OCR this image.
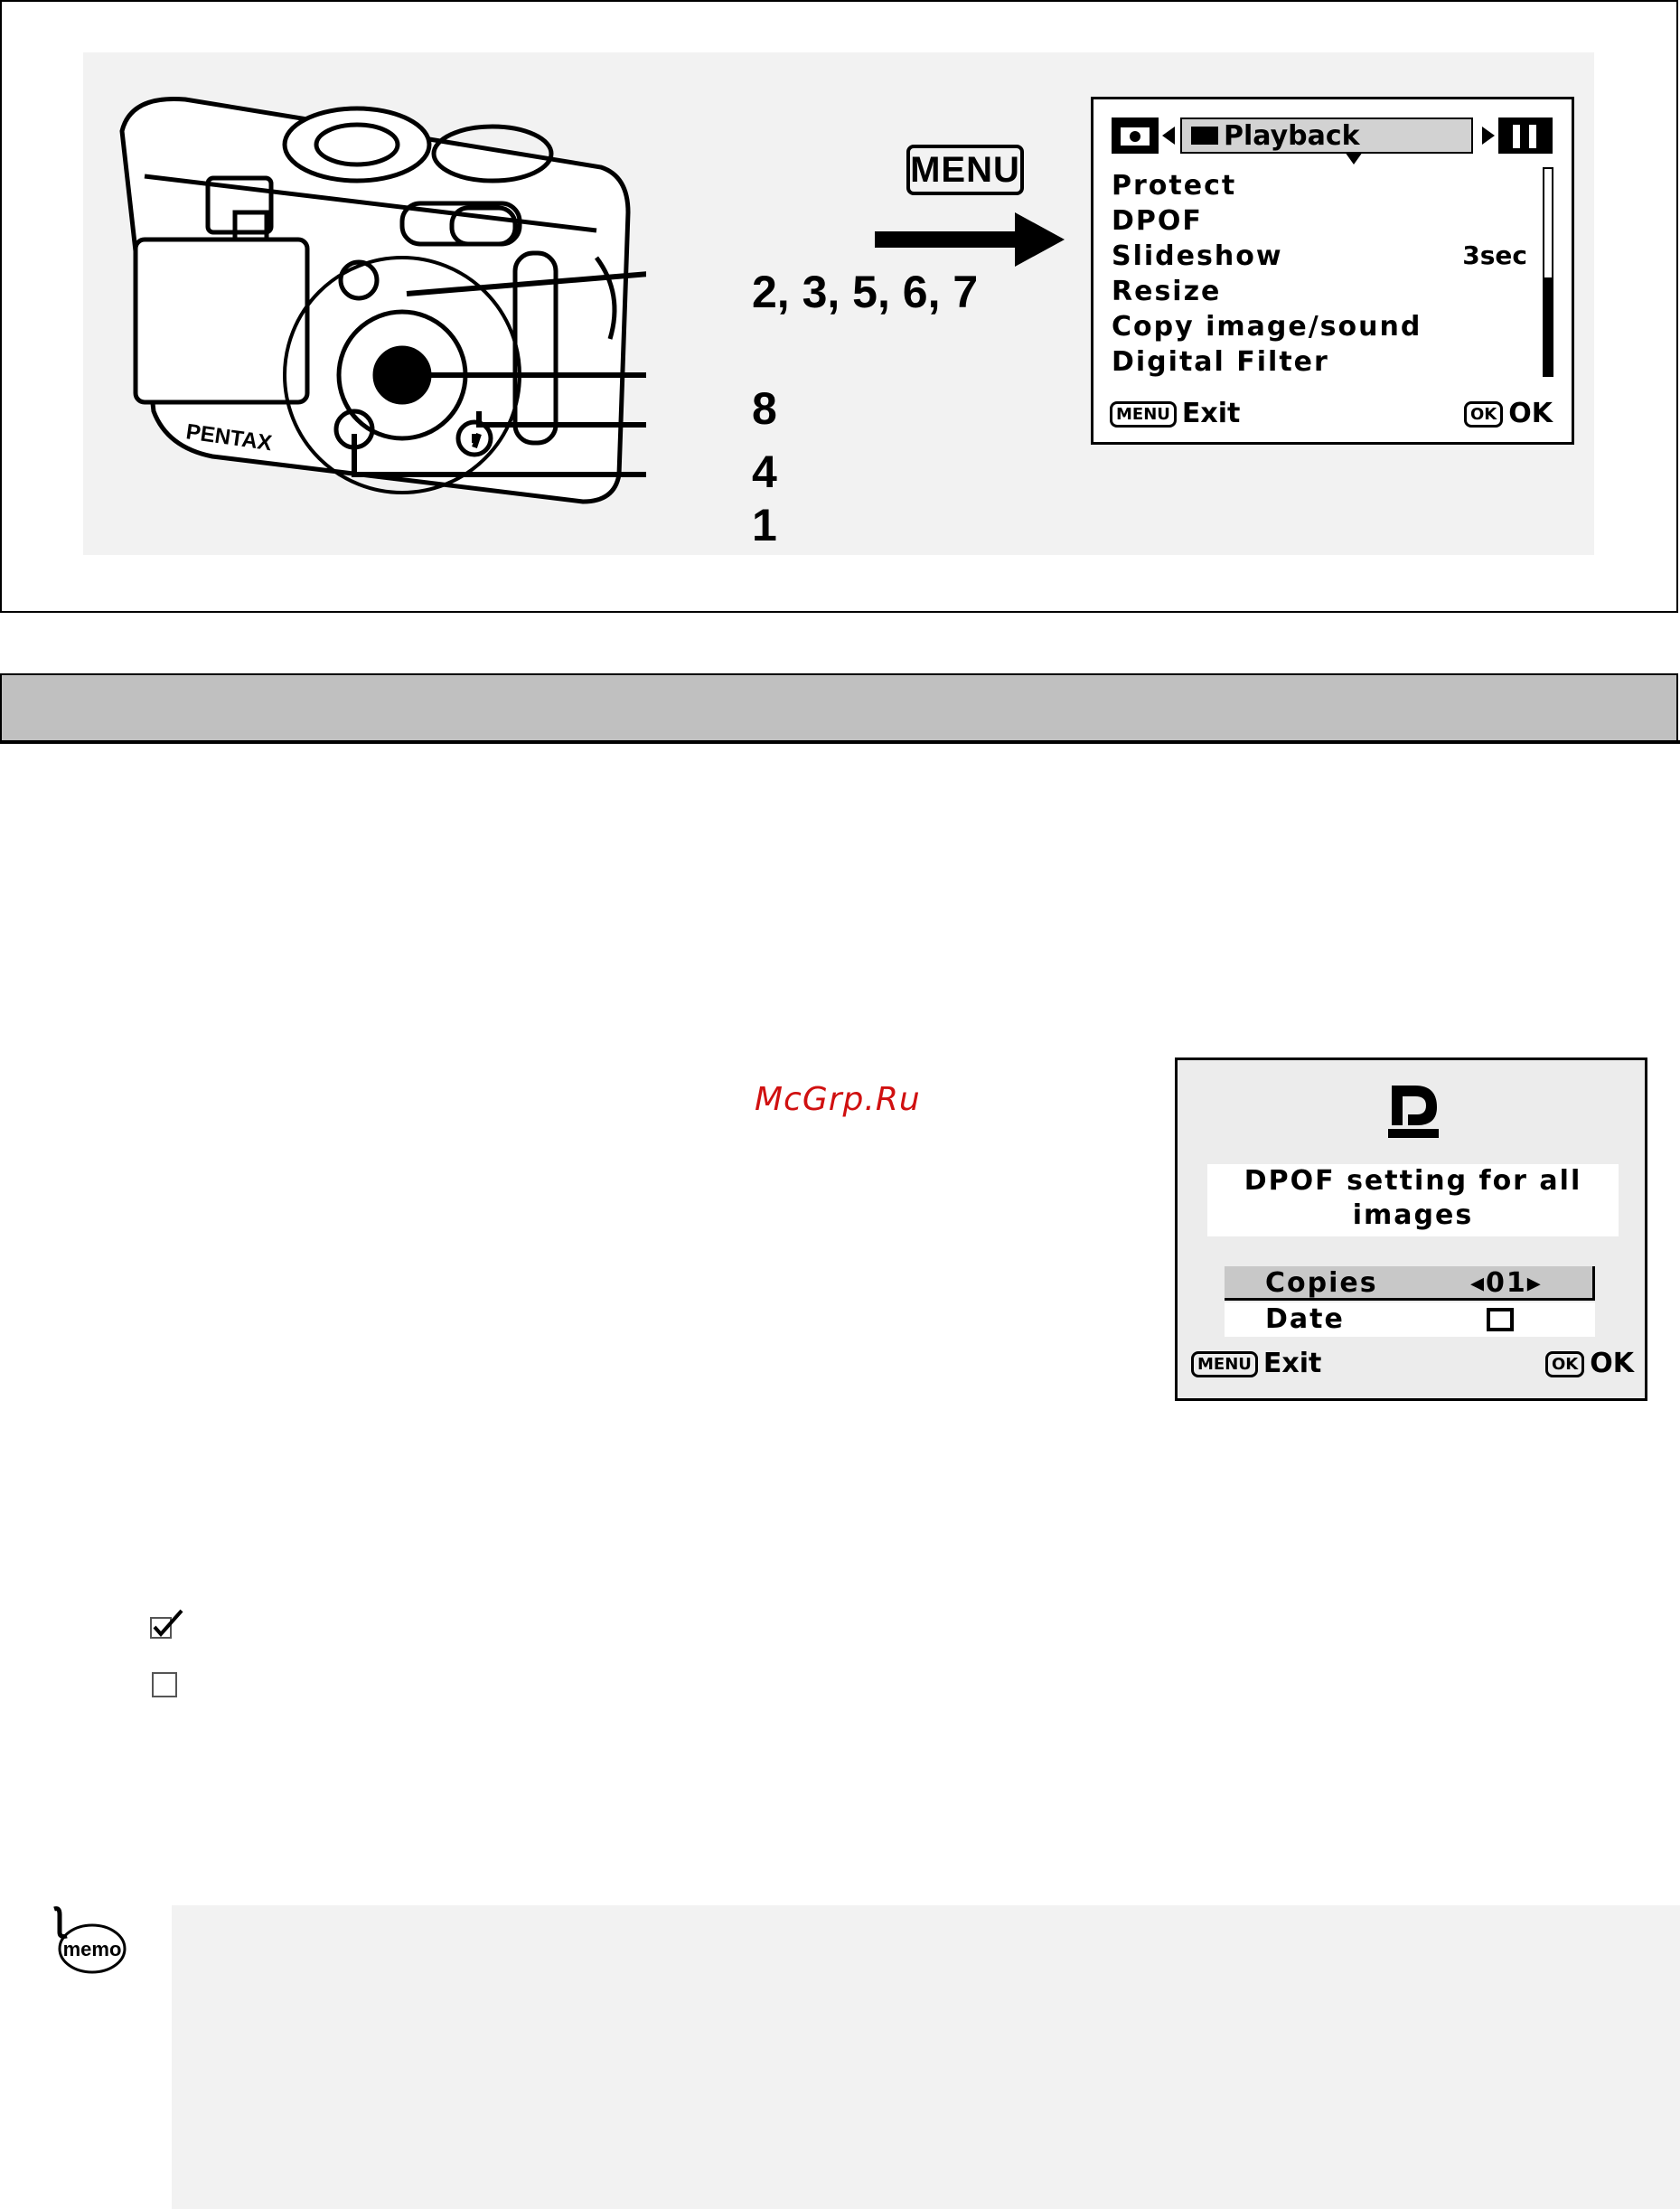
PENTAX
2, 3, 5, 6, 7
8
4
1
MENU
Playback
Protect
DPOF
Slideshow	3sec
Resize
Copy image/sound
Digital Filter
MENU Exit	OK OK
McGrp.Ru
DPOF setting for all images
Copies	◂01▸
Date
MENU Exit	OK OK
memo
